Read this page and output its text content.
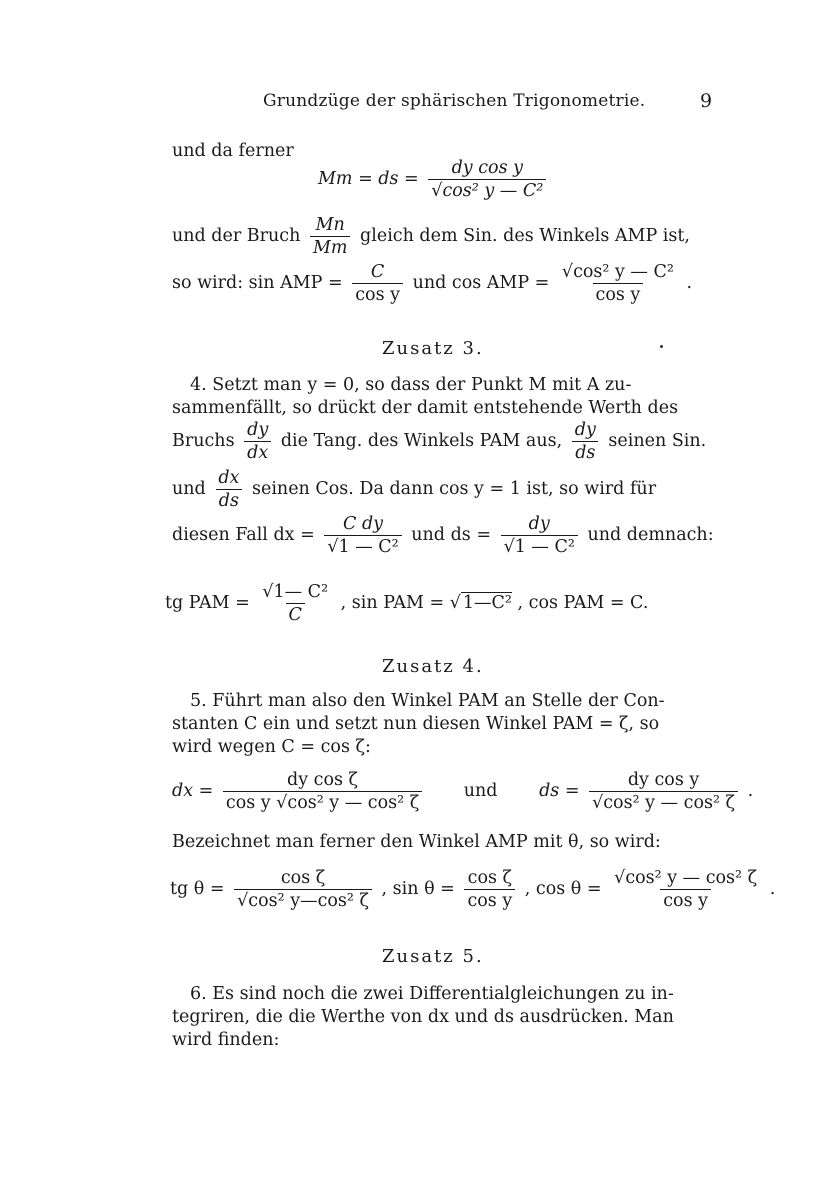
Grundzüge der sphärischen Trigonometrie.	9
und da ferner
Mm = ds = $\frac{\text{dy cos y}}{\text{√cos² y — C²}}$
und der Bruch $\frac{Mn}{Mm}$ gleich dem Sin. des Winkels AMP ist,
so wird: sin AMP = $\frac{C}{\text{cos y}}$ und cos AMP = $\frac{\text{√cos² y — C²}}{\text{cos y}}$ .
Zusatz 3.
4. Setzt man y = 0, so dass der Punkt M mit A zu-
sammenfällt, so drückt der damit entstehende Werth des
Bruchs $\frac{dy}{dx}$ die Tang. des Winkels PAM aus, $\frac{dy}{ds}$ seinen Sin.
und $\frac{dx}{ds}$ seinen Cos. Da dann cos y = 1 ist, so wird für
diesen Fall dx = $\frac{\text{C dy}}{\text{√1 — C²}}$ und ds = $\frac{dy}{\text{√1 — C²}}$ und demnach:
tg PAM = $\frac{\text{√1— C²}}{C}$ , sin PAM = √ 1—C² , cos PAM = C.
Zusatz 4.
5. Führt man also den Winkel PAM an Stelle der Con-
stanten C ein und setzt nun diesen Winkel PAM = ζ, so
wird wegen C = cos ζ:
dx = $\frac{\text{dy cos ζ}}{\text{cos y √cos² y — cos² ζ}}$ und ds = $\frac{\text{dy cos y}}{\text{√cos² y — cos² ζ}}$ .
Bezeichnet man ferner den Winkel AMP mit θ, so wird:
tg $\theta = \frac{\text{cos ζ}}{\text{√cos² y—cos² ζ}}$ , $\sin \theta = \frac{\text{cos ζ}}{\text{cos y}}$ , $\cos \theta = \frac{\text{√cos² y — cos² ζ}}{\text{cos y}}$ .
Zusatz 5.
6. Es sind noch die zwei Differentialgleichungen zu in-
tegriren, die die Werthe von dx und ds ausdrücken. Man
wird finden:
